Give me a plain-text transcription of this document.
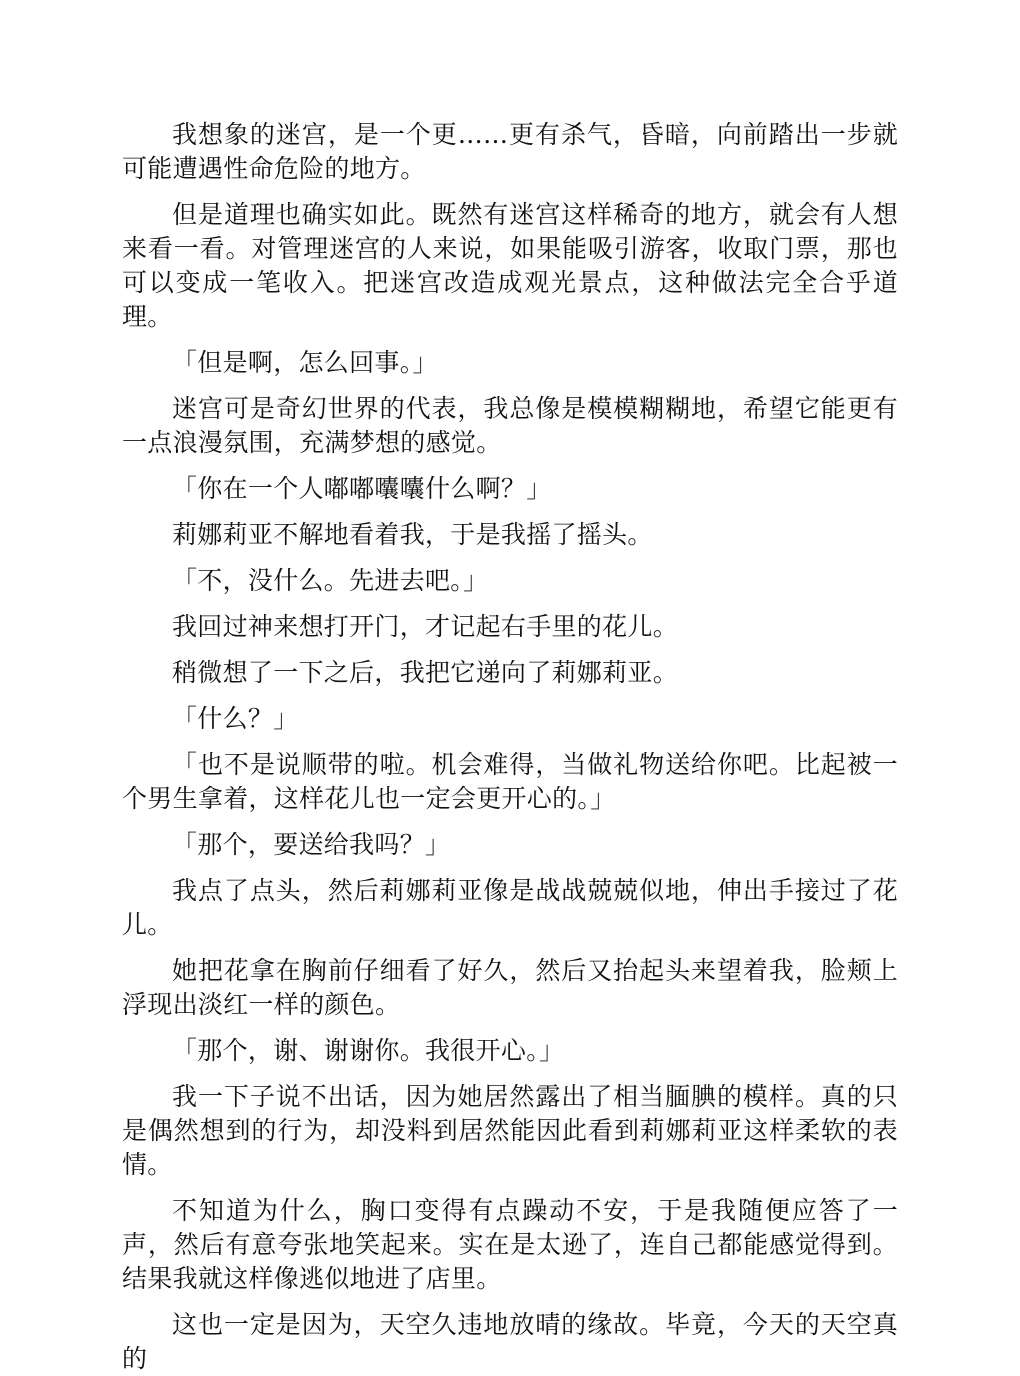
我想象的迷宫，是一个更……更有杀气，昏暗，向前踏出一步就可能遭遇性命危险的地方。

但是道理也确实如此。既然有迷宫这样稀奇的地方，就会有人想来看一看。对管理迷宫的人来说，如果能吸引游客，收取门票，那也可以变成一笔收入。把迷宫改造成观光景点，这种做法完全合乎道理。

「但是啊，怎么回事。」

迷宫可是奇幻世界的代表，我总像是模模糊糊地，希望它能更有一点浪漫氛围，充满梦想的感觉。

「你在一个人嘟嘟囔囔什么啊？」

莉娜莉亚不解地看着我，于是我摇了摇头。

「不，没什么。先进去吧。」

我回过神来想打开门，才记起右手里的花儿。

稍微想了一下之后，我把它递向了莉娜莉亚。

「什么？」

「也不是说顺带的啦。机会难得，当做礼物送给你吧。比起被一个男生拿着，这样花儿也一定会更开心的。」

「那个，要送给我吗？」

我点了点头，然后莉娜莉亚像是战战兢兢似地，伸出手接过了花儿。

她把花拿在胸前仔细看了好久，然后又抬起头来望着我，脸颊上浮现出淡红一样的颜色。

「那个，谢、谢谢你。我很开心。」

我一下子说不出话，因为她居然露出了相当腼腆的模样。真的只是偶然想到的行为，却没料到居然能因此看到莉娜莉亚这样柔软的表情。

不知道为什么，胸口变得有点躁动不安，于是我随便应答了一声，然后有意夸张地笑起来。实在是太逊了，连自己都能感觉得到。结果我就这样像逃似地进了店里。

这也一定是因为，天空久违地放晴的缘故。毕竟，今天的天空真的
